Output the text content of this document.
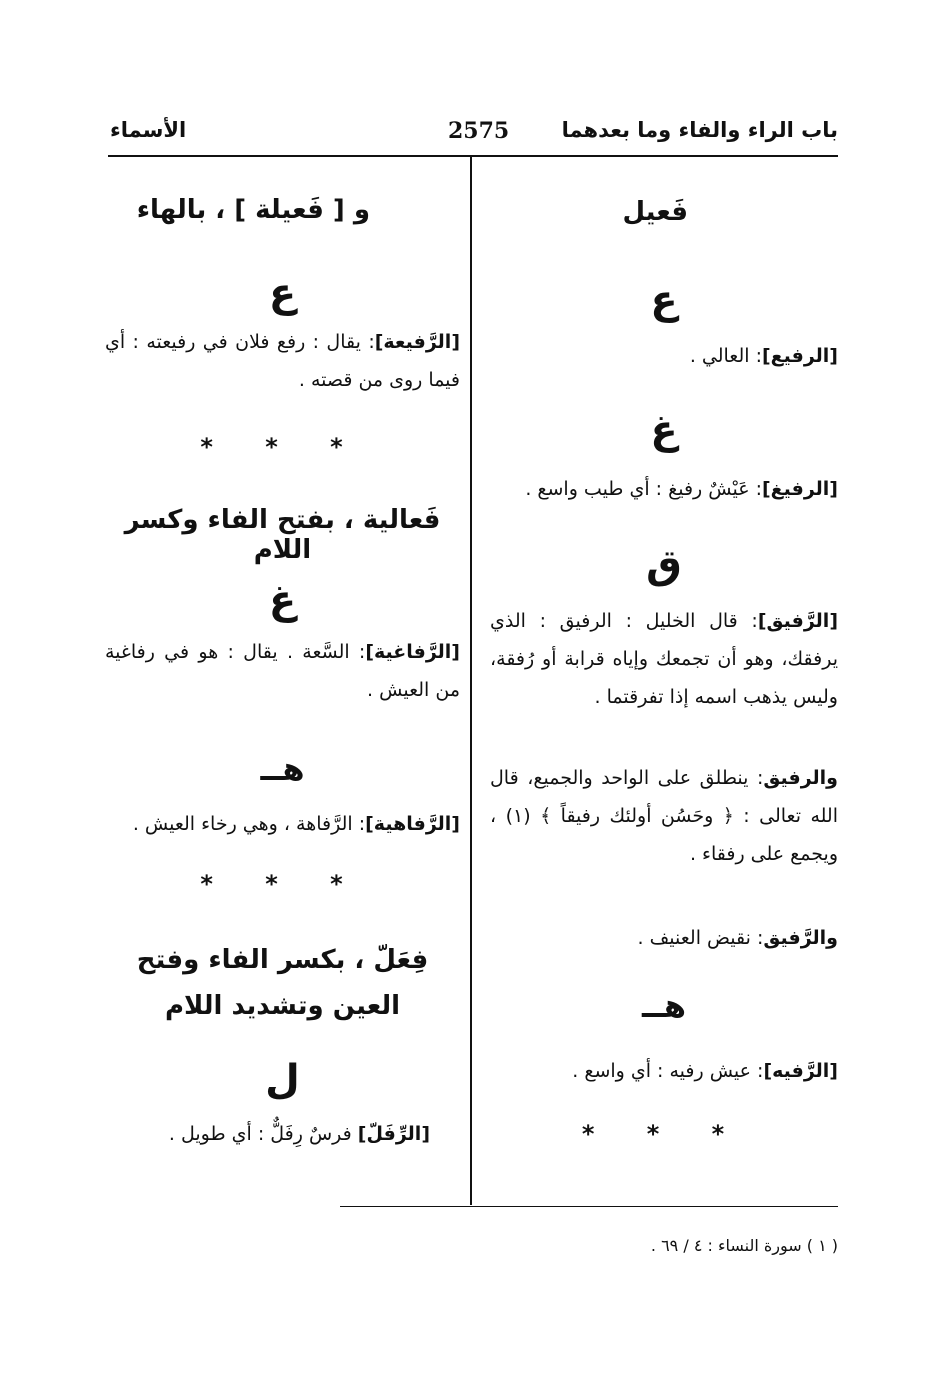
باب الراء والفاء وما بعدهما
2575
الأسماء
فَعيل
ع

[الرفيع]: العالي .

غ

[الرفيغ]: عَيْشٌ رفيغ : أي طيب واسع .

ق

[الرَّفيق]: قال الخليل : الرفيق : الذي يرفقك، وهو أن تجمعك وإياه قرابة أو رُفقة، وليس يذهب اسمه إذا تفرقتما .

والرفيق: ينطلق على الواحد والجميع، قال الله تعالى : ﴿ وحَسُن أولئك رفيقاً ﴾ (١) ، ويجمع على رفقاء .

والرَّفيق: نقيض العنيف .

هــ

[الرَّفيه]: عيش رفيه : أي واسع .

* * *
و [ فَعيلة ] ، بالهاء
ع

[الرَّفيعة]: يقال : رفع فلان في رفيعته : أي فيما روى من قصته .

* * *
فَعالية ، بفتح الفاء وكسر اللام
غ

[الرَّفاغية]: السَّعة . يقال : هو في رفاغية من العيش .

هــ

[الرَّفاهية]: الرَّفاهة ، وهي رخاء العيش .

* * *
فِعَلّ ، بكسر الفاء وفتح العين وتشديد اللام
ل

[الرِّفَلّ] فرسٌ رِفَلٌّ : أي طويل .

( ١ ) سورة النساء : ٤ / ٦٩ .
